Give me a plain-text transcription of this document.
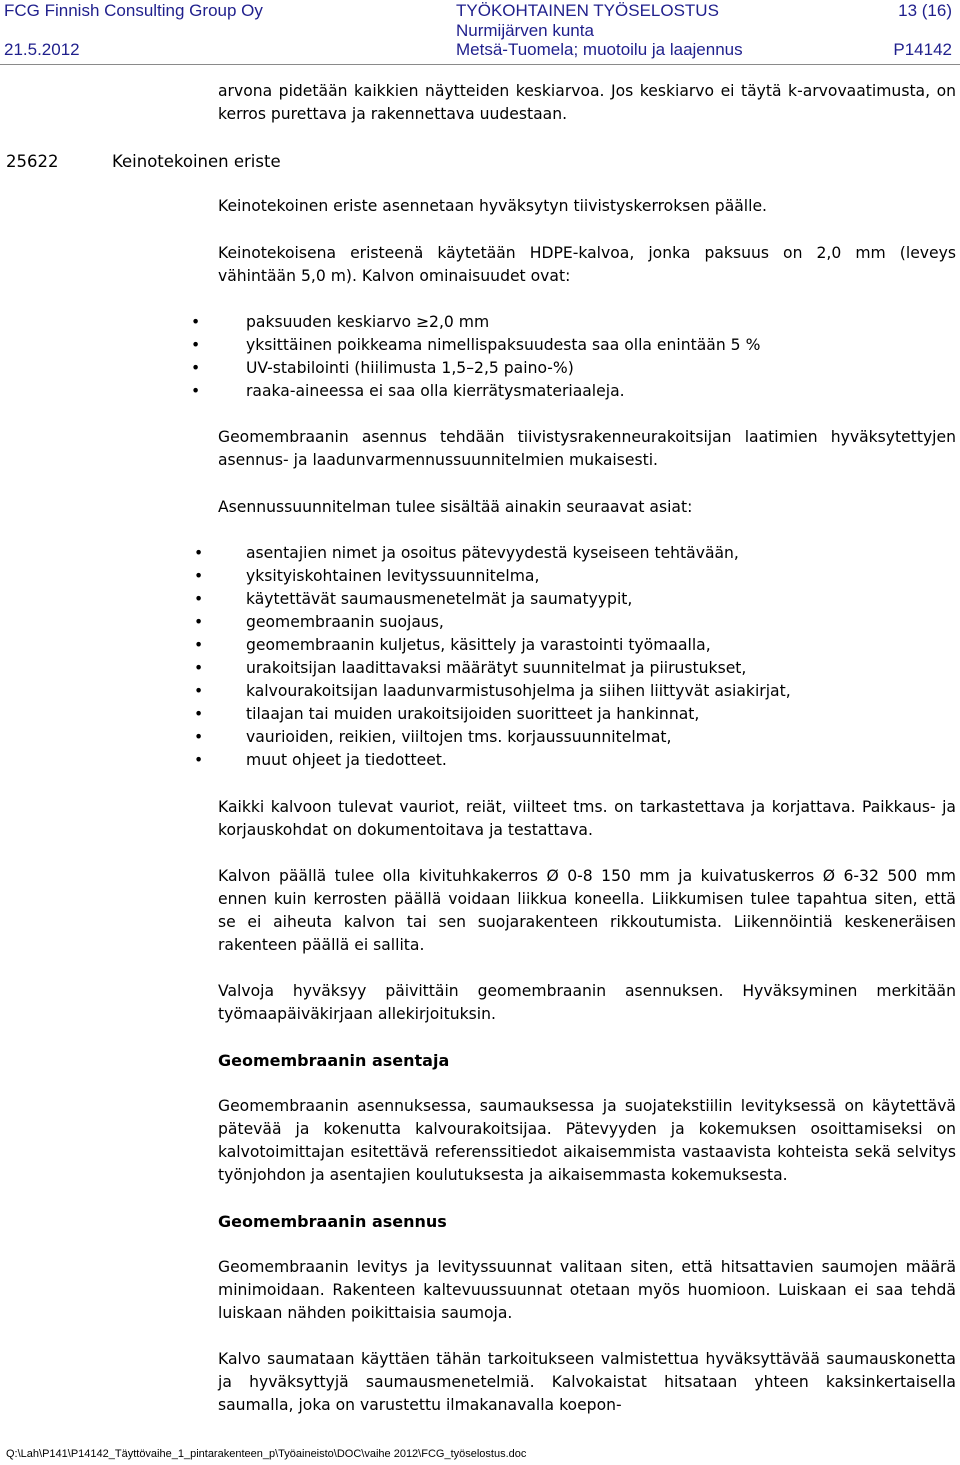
FCG Finnish Consulting Group Oy
21.5.2012
TYÖKOHTAINEN TYÖSELOSTUS
Nurmijärven kunta
Metsä-Tuomela; muotoilu ja laajennus
13 (16)
P14142
25622	Keinotekoinen eriste

arvona pidetään kaikkien näytteiden keskiarvoa. Jos keskiarvo ei täytä k-arvovaatimusta, on kerros purettava ja rakennettava uudestaan.

Keinotekoinen eriste asennetaan hyväksytyn tiivistyskerroksen päälle.

Keinotekoisena eristeenä käytetään HDPE-kalvoa, jonka paksuus on 2,0 mm (leveys vähintään 5,0 m). Kalvon ominaisuudet ovat:

•	paksuuden keskiarvo ≥2,0 mm
•	yksittäinen poikkeama nimellispaksuudesta saa olla enintään 5 %
•	UV-stabilointi (hiilimusta 1,5–2,5 paino-%)
•	raaka-aineessa ei saa olla kierrätysmateriaaleja.

Geomembraanin asennus tehdään tiivistysrakenneurakoitsijan laatimien hyväksytettyjen asennus- ja laadunvarmennussuunnitelmien mukaisesti.

Asennussuunnitelman tulee sisältää ainakin seuraavat asiat:

•	asentajien nimet ja osoitus pätevyydestä kyseiseen tehtävään,
•	yksityiskohtainen levityssuunnitelma,
•	käytettävät saumausmenetelmät ja saumatyypit,
•	geomembraanin suojaus,
•	geomembraanin kuljetus, käsittely ja varastointi työmaalla,
•	urakoitsijan laadittavaksi määrätyt suunnitelmat ja piirustukset,
•	kalvourakoitsijan laadunvarmistusohjelma ja siihen liittyvät asiakirjat,
•	tilaajan tai muiden urakoitsijoiden suoritteet ja hankinnat,
•	vaurioiden, reikien, viiltojen tms. korjaussuunnitelmat,
•	muut ohjeet ja tiedotteet.

Kaikki kalvoon tulevat vauriot, reiät, viilteet tms. on tarkastettava ja korjattava. Paikkaus- ja korjauskohdat on dokumentoitava ja testattava.

Kalvon päällä tulee olla kivituhkakerros Ø 0-8 150 mm ja kuivatuskerros Ø 6-32 500 mm ennen kuin kerrosten päällä voidaan liikkua koneella. Liikkumisen tulee tapahtua siten, että se ei aiheuta kalvon tai sen suojarakenteen rikkoutumista. Liikennöintiä keskeneräisen rakenteen päällä ei sallita.

Valvoja hyväksyy päivittäin geomembraanin asennuksen. Hyväksyminen merkitään työmaapäiväkirjaan allekirjoituksin.

Geomembraanin asentaja

Geomembraanin asennuksessa, saumauksessa ja suojatekstiilin levityksessä on käytettävä pätevää ja kokenutta kalvourakoitsijaa. Pätevyyden ja kokemuksen osoittamiseksi on kalvotoimittajan esitettävä referenssitiedot aikaisemmista vastaavista kohteista sekä selvitys työnjohdon ja asentajien koulutuksesta ja aikaisemmasta kokemuksesta.

Geomembraanin asennus

Geomembraanin levitys ja levityssuunnat valitaan siten, että hitsattavien saumojen määrä minimoidaan. Rakenteen kaltevuussuunnat otetaan myös huomioon. Luiskaan ei saa tehdä luiskaan nähden poikittaisia saumoja.

Kalvo saumataan käyttäen tähän tarkoitukseen valmistettua hyväksyttävää saumauskonetta ja hyväksyttyjä saumausmenetelmiä. Kalvokaistat hitsataan yhteen kaksinkertaisella saumalla, joka on varustettu ilmakanavalla koepon-

Q:\Lah\P141\P14142_Täyttövaihe_1_pintarakenteen_p\Työaineisto\DOC\vaihe 2012\FCG_työselostus.doc
